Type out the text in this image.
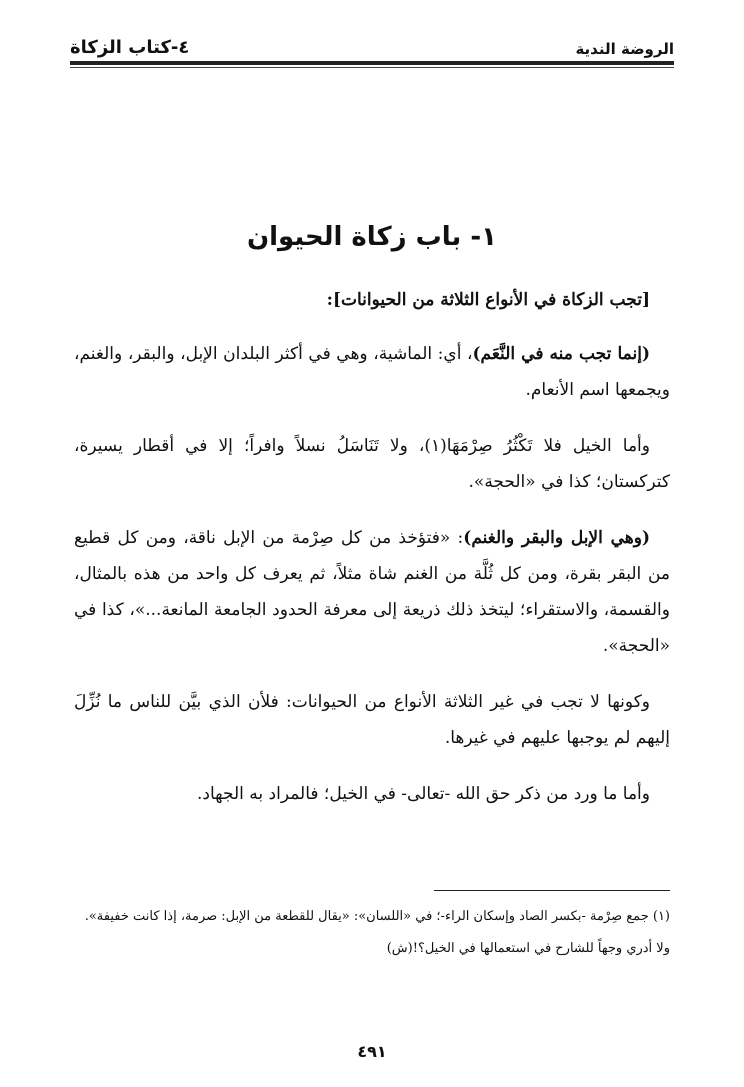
الروضة الندية
٤-كتاب الزكاة
١- باب زكاة الحيوان

[تجب الزكاة في الأنواع الثلاثة من الحيوانات]:

(إنما تجب منه في النَّعَم)، أي: الماشية، وهي في أكثر البلدان الإبل، والبقر، والغنم، ويجمعها اسم الأنعام.

وأما الخيل فلا تَكْثُرُ صِرْمَهَا(١)، ولا تَنَاسَلُ نسلاً وافراً؛ إلا في أقطار يسيرة، كتركستان؛ كذا في «الحجة».

(وهي الإبل والبقر والغنم): «فتؤخذ من كل صِرْمة من الإبل ناقة، ومن كل قطيع من البقر بقرة، ومن كل ثُلَّة من الغنم شاة مثلاً، ثم يعرف كل واحد من هذه بالمثال، والقسمة، والاستقراء؛ ليتخذ ذلك ذريعة إلى معرفة الحدود الجامعة المانعة...»، كذا في «الحجة».

وكونها لا تجب في غير الثلاثة الأنواع من الحيوانات: فلأن الذي بيَّن للناس ما نُزِّلَ إليهم لم يوجبها عليهم في غيرها.

وأما ما ورد من ذكر حق الله -تعالى- في الخيل؛ فالمراد به الجهاد.

(١) جمع صِرْمة -بكسر الصاد وإسكان الراء-؛ في «اللسان»: «يقال للقطعة من الإبل: صرمة، إذا كانت خفيفة».

ولا أدري وجهاً للشارح في استعمالها في الخيل؟!(ش)

٤٩١
